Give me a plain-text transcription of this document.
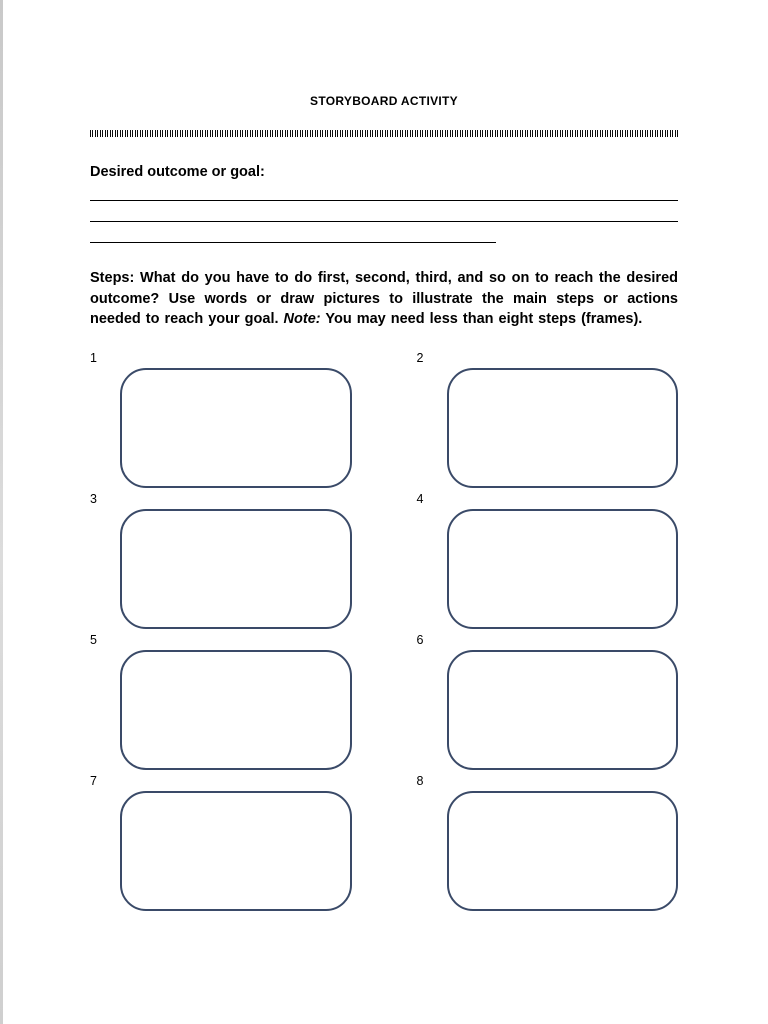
STORYBOARD ACTIVITY
Desired outcome or goal:
Steps: What do you have to do first, second, third, and so on to reach the desired outcome? Use words or draw pictures to illustrate the main steps or actions needed to reach your goal. Note: You may need less than eight steps (frames).
1	2
3	4
5	6
7	8
